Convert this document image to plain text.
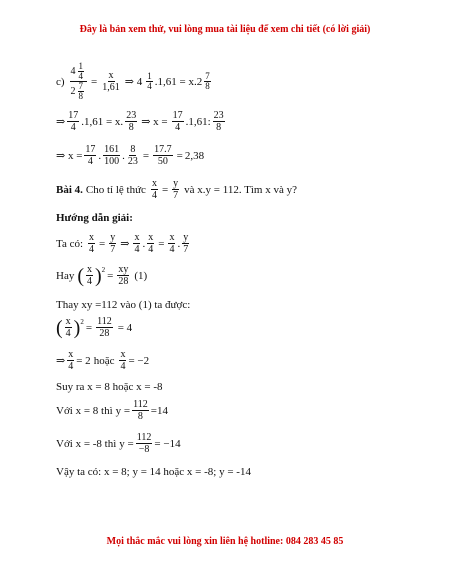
Đây là bản xem thử, vui lòng mua tài liệu để xem chi tiết (có lời giải)
$c) \frac{4 \frac{1}{4}}{2 \frac{7}{8}} = \frac{x}{1,61}$ ⇒ $4 \frac{1}{4} .1,61 = x.2 \frac{7}{8}$
⇒ $\frac{17}{4} .1,61 = x$. $\frac{23}{8}$ ⇒ $x = \frac{17}{4} .1,61$: $\frac{23}{8}$
⇒ $x = \frac{17}{4}$ . $\frac{161}{100}$ . $\frac{8}{23} = \frac{17.7}{50} = 2,38$
Bài 4. Cho tỉ lệ thức $\frac{x}{4} = \frac{y}{7}$ và x.y = 112. Tìm x và y?
Hướng dẫn giải:
Ta có: $\frac{x}{4} = \frac{y}{7}$ ⇒ $\frac{x}{4}$ . $\frac{x}{4} = \frac{x}{4}$ . $\frac{y}{7}$
Hay ( $\frac{x}{4}$ ) $2 = \frac{xy}{28} (1)$
Thay xy =112 vào (1) ta được:
( $\frac{x}{4}$ ) $2 = \frac{112}{28} = 4$
⇒ $\frac{x}{4} = 2$ hoặc $\frac{x}{4} = -2$
Suy ra x = 8 hoặc x = -8
Với x = 8 thì $y = \frac{112}{8} =14$
Với x = -8 thì $y = \frac{112}{-8} = -14$
Vậy ta có: x = 8; y = 14 hoặc x = -8; y = -14
Mọi thắc mắc vui lòng xin liên hệ hotline: 084 283 45 85
